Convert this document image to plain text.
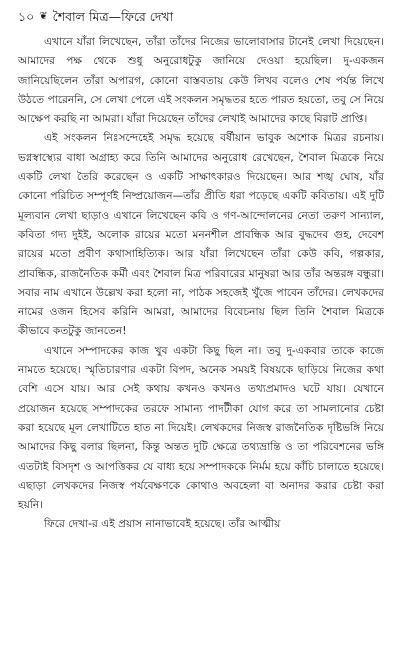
১০ ❦ শৈবাল মিত্র—ফিরে দেখা

এখানে যাঁরা লিখেছেন, তাঁরা তাঁদের নিজের ভালোবাসার টানেই লেখা দিয়েছেন। আমাদের পক্ষ থেকে শুধু অনুরোধটুকু জানিয়ে দেওয়া হয়েছিল। দু-একজন জানিয়েছিলেন তাঁরা অপারগ, কোনো বাস্তবতায় কেউ লিখব বলেও শেষ পর্যন্ত লিখে উঠতে পারেননি, সে লেখা পেলে এই সংকলন সমৃদ্ধতর হতে পারত হয়তো, তবু সে নিয়ে আক্ষেপ করছি না আমরা। যাঁরা দিয়েছেন তাঁদের লেখাই আমাদের কাছে বিরাট প্রাপ্তি।

এই সংকলন নিঃসন্দেহেই সমৃদ্ধ হয়েছে বর্ষীয়ান ভাবুক অশোক মিত্রর রচনায়। ভগ্নস্বাস্থ্যের বাধা অগ্রাহ্য করে তিনি আমাদের অনুরোধ রেখেছেন, শৈবাল মিত্রকে নিয়ে একটি লেখা তৈরি করেছেন ও একটি সাক্ষাৎকারও দিয়েছেন। আর শঙ্খ ঘোষ, যাঁর কোনো পরিচিত সম্পূর্ণই নিষ্প্রয়োজন—তাঁর প্রীতি ধরা পড়েছে একটি কবিতায়। এই দুটি মূল্যবান লেখা ছাড়াও এখানে লিখেছেন কবি ও গণ-আন্দোলনের নেতা তরুণ সান্যাল, কবিতা গদ্য দুইই, অলোক রায়ের মতো মননশীল প্রাবন্ধিক আর বুদ্ধদেব গুহ, দেবেশ রায়ের মতো প্রবীণ কথাসাহিত্যিক। আর যাঁরা লিখেছেন তাঁরা কেউ কবি, গল্পকার, প্রাবন্ধিক, রাজনৈতিক কর্মী এবং শৈবাল মিত্র পরিবারের মানুষরা আর তাঁর অন্তরঙ্গ বন্ধুরা। সবার নাম এখানে উল্লেখ করা হলো না, পাঠক সহজেই খুঁজে পাবেন তাঁদের। লেখকদের নামের ওজন হিসেব করিনি আমরা, আমাদের বিবেচনায় ছিল তিনি শৈবাল মিত্রকে কীভাবে কতটুকু জানতেন!

এখানে সম্পাদকের কাজ খুব একটা কিছু ছিল না। তবু দু-একবার তাকে কাজে নামতে হয়েছে। স্মৃতিচারণার একটা বিপদ, অনেক সময়ই বিষয়কে ছাড়িয়ে নিজের কথা বেশি এসে যায়। আর সেই কথায় কখনও কখনও তথ্যপ্রমাদও ঘটে যায়। যেখানে প্রয়োজন হয়েছে সম্পাদকের তরফে সামান্য পাদটীকা যোগ করে তা সামলানোর চেষ্টা করা হয়েছে মূল লেখাটিতে হাত না দিয়েই। লেখকদের নিজস্ব রাজনৈতিক দৃষ্টিভঙ্গি নিয়ে আমাদের কিছু বলার ছিলনা, কিন্তু অন্তত দুটি ক্ষেত্রে তথ্যভ্রান্তি ও তা পরিবেশনের ভঙ্গি এতটাই বিসদৃশ ও আপত্তিকর যে বাধ্য হয়ে সম্পাদককে নির্মম হয়ে কাঁচি চালাতে হয়েছে। এছাড়া লেখকদের নিজস্ব পর্যবেক্ষণকে কোথাও অবহেলা বা অনাদর করার চেষ্টা করা হয়নি।

ফিরে দেখা-র এই প্রয়াস নানাভাবেই হয়েছে। তাঁর আত্মীয়
